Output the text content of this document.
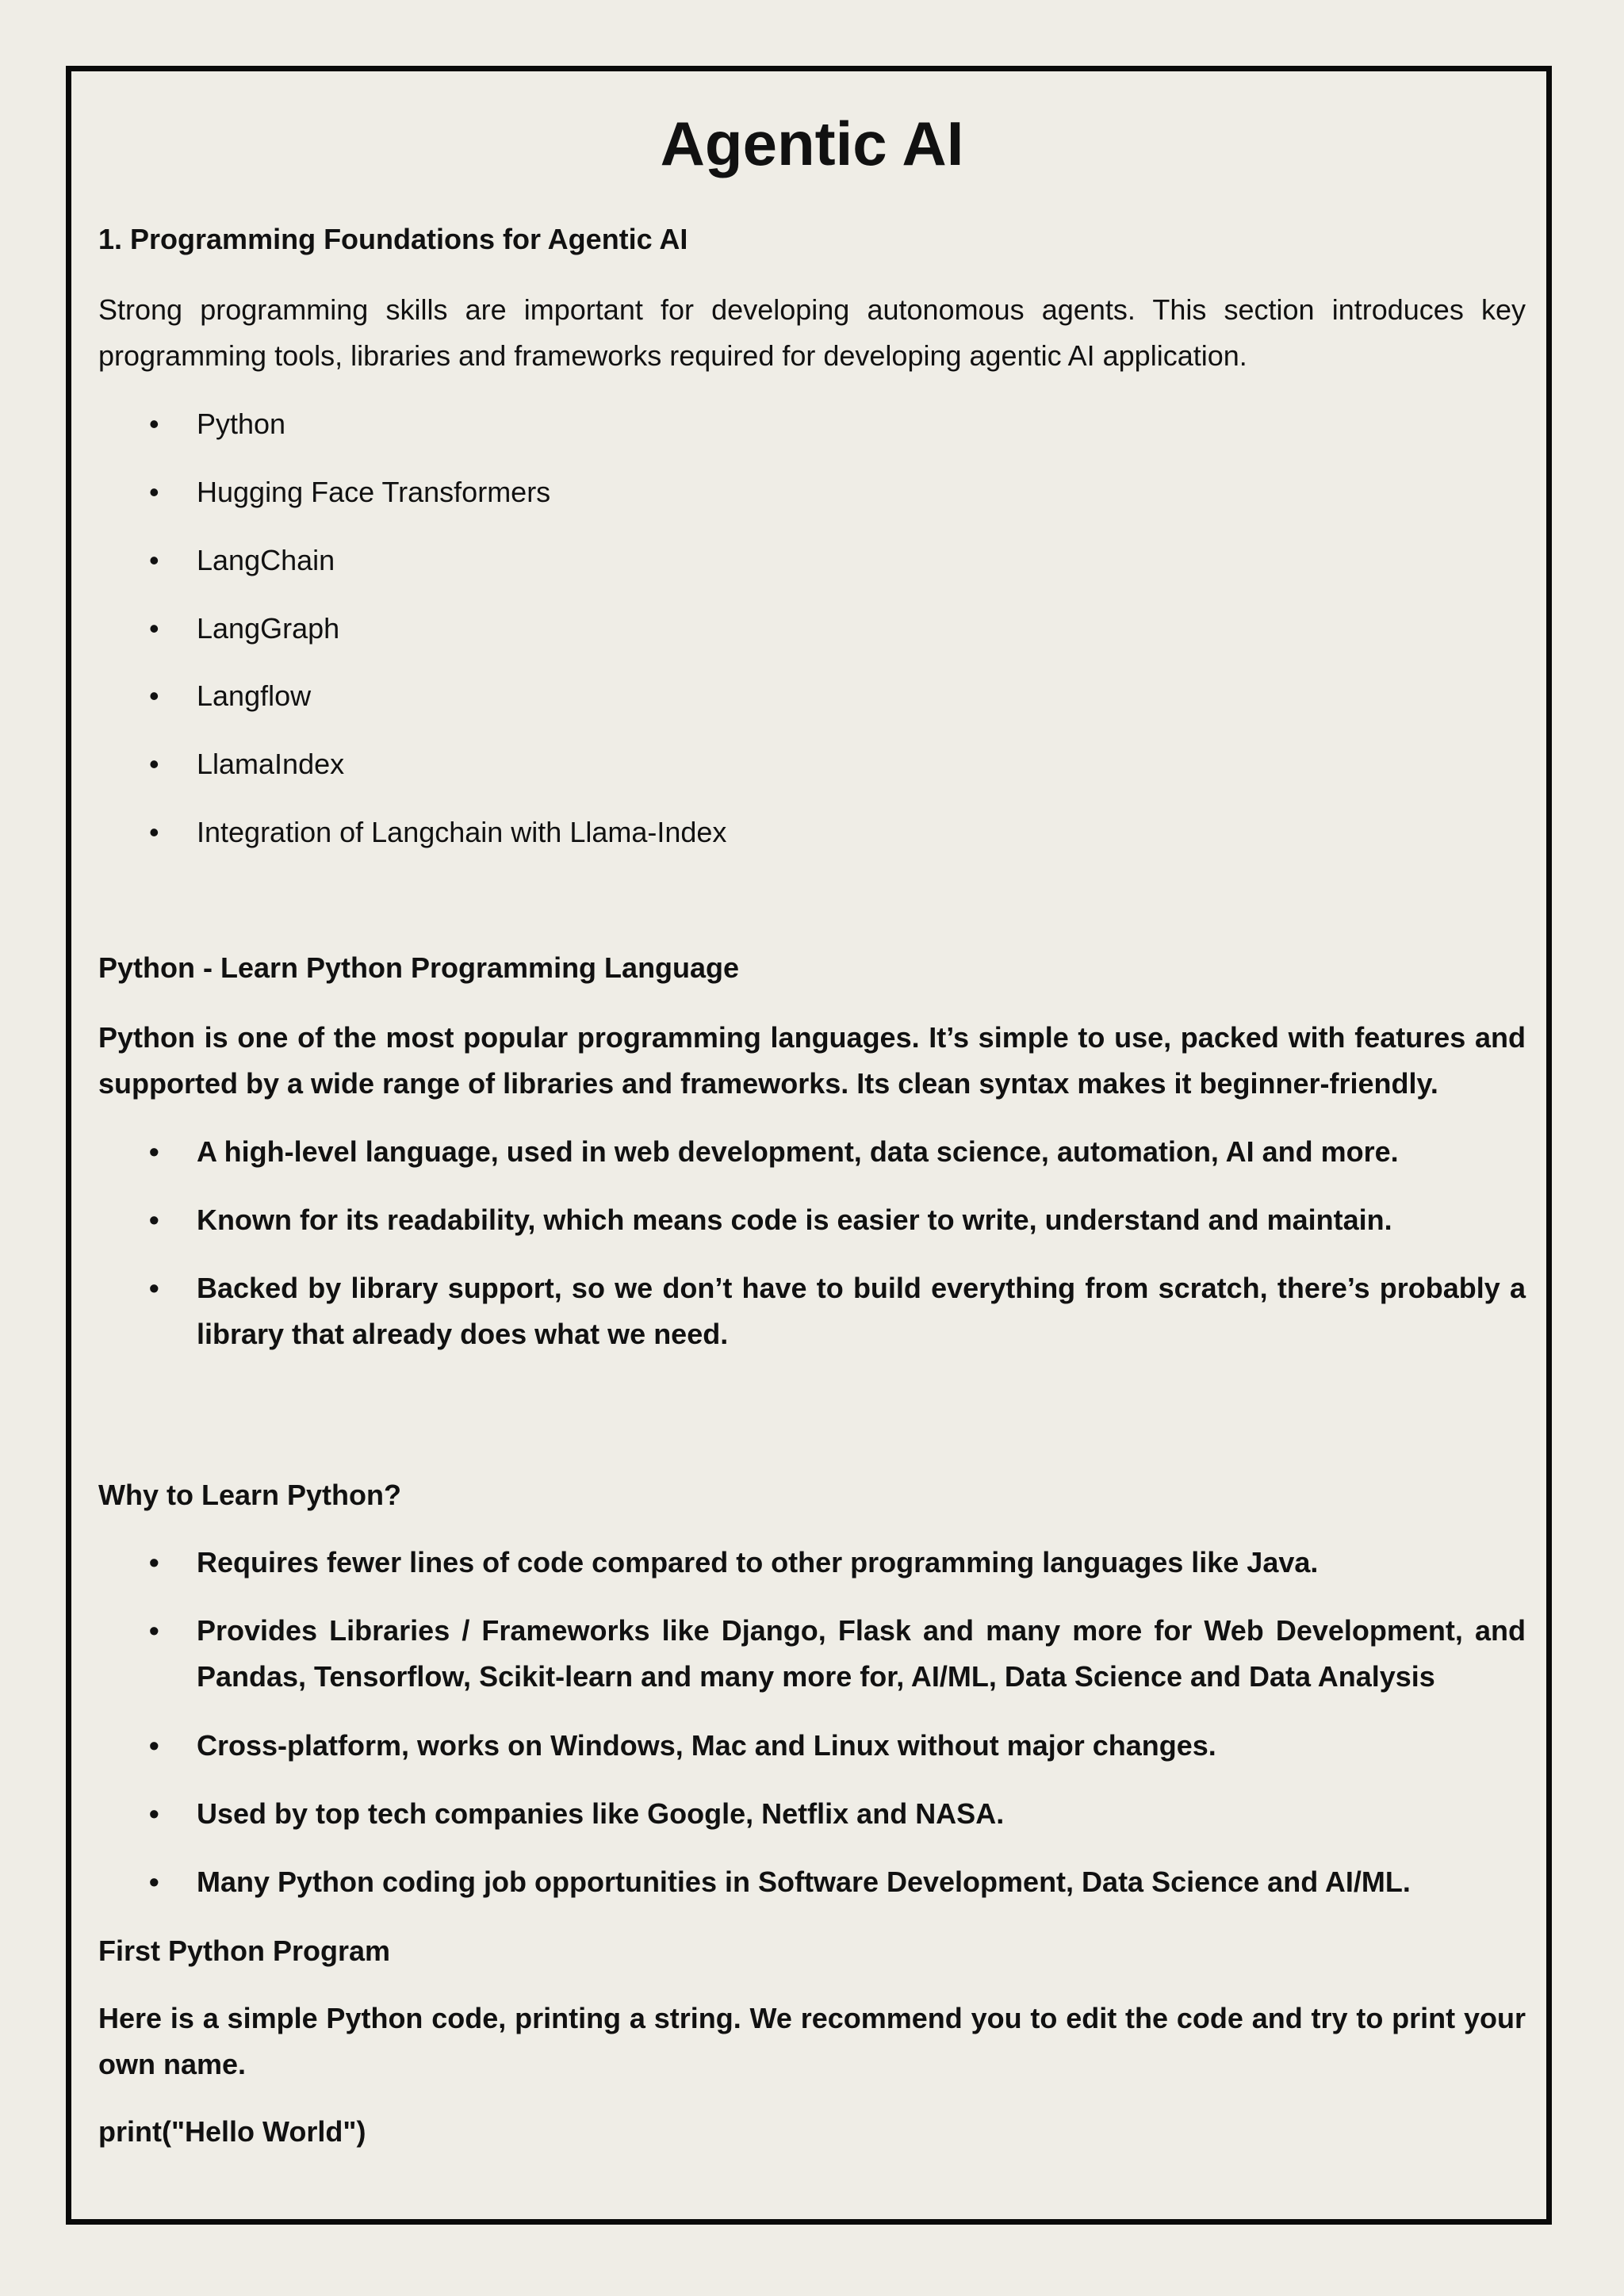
Agentic AI

1. Programming Foundations for Agentic AI

Strong programming skills are important for developing autonomous agents. This section introduces key
programming tools, libraries and frameworks required for developing agentic AI application.

• Python
• Hugging Face Transformers
• LangChain
• LangGraph
• Langflow
• LlamaIndex
• Integration of Langchain with Llama-Index

Python - Learn Python Programming Language

Python is one of the most popular programming languages. It’s simple to use, packed with features and
supported by a wide range of libraries and frameworks. Its clean syntax makes it beginner-friendly.

• A high-level language, used in web development, data science, automation, AI and more.
• Known for its readability, which means code is easier to write, understand and maintain.
• Backed by library support, so we don’t have to build everything from scratch, there’s probably a
library that already does what we need.

Why to Learn Python?

• Requires fewer lines of code compared to other programming languages like Java.
• Provides Libraries / Frameworks like Django, Flask and many more for Web Development, and
Pandas, Tensorflow, Scikit-learn and many more for, AI/ML, Data Science and Data Analysis
• Cross-platform, works on Windows, Mac and Linux without major changes.
• Used by top tech companies like Google, Netflix and NASA.
• Many Python coding job opportunities in Software Development, Data Science and AI/ML.

First Python Program

Here is a simple Python code, printing a string. We recommend you to edit the code and try to print your
own name.

print("Hello World")
